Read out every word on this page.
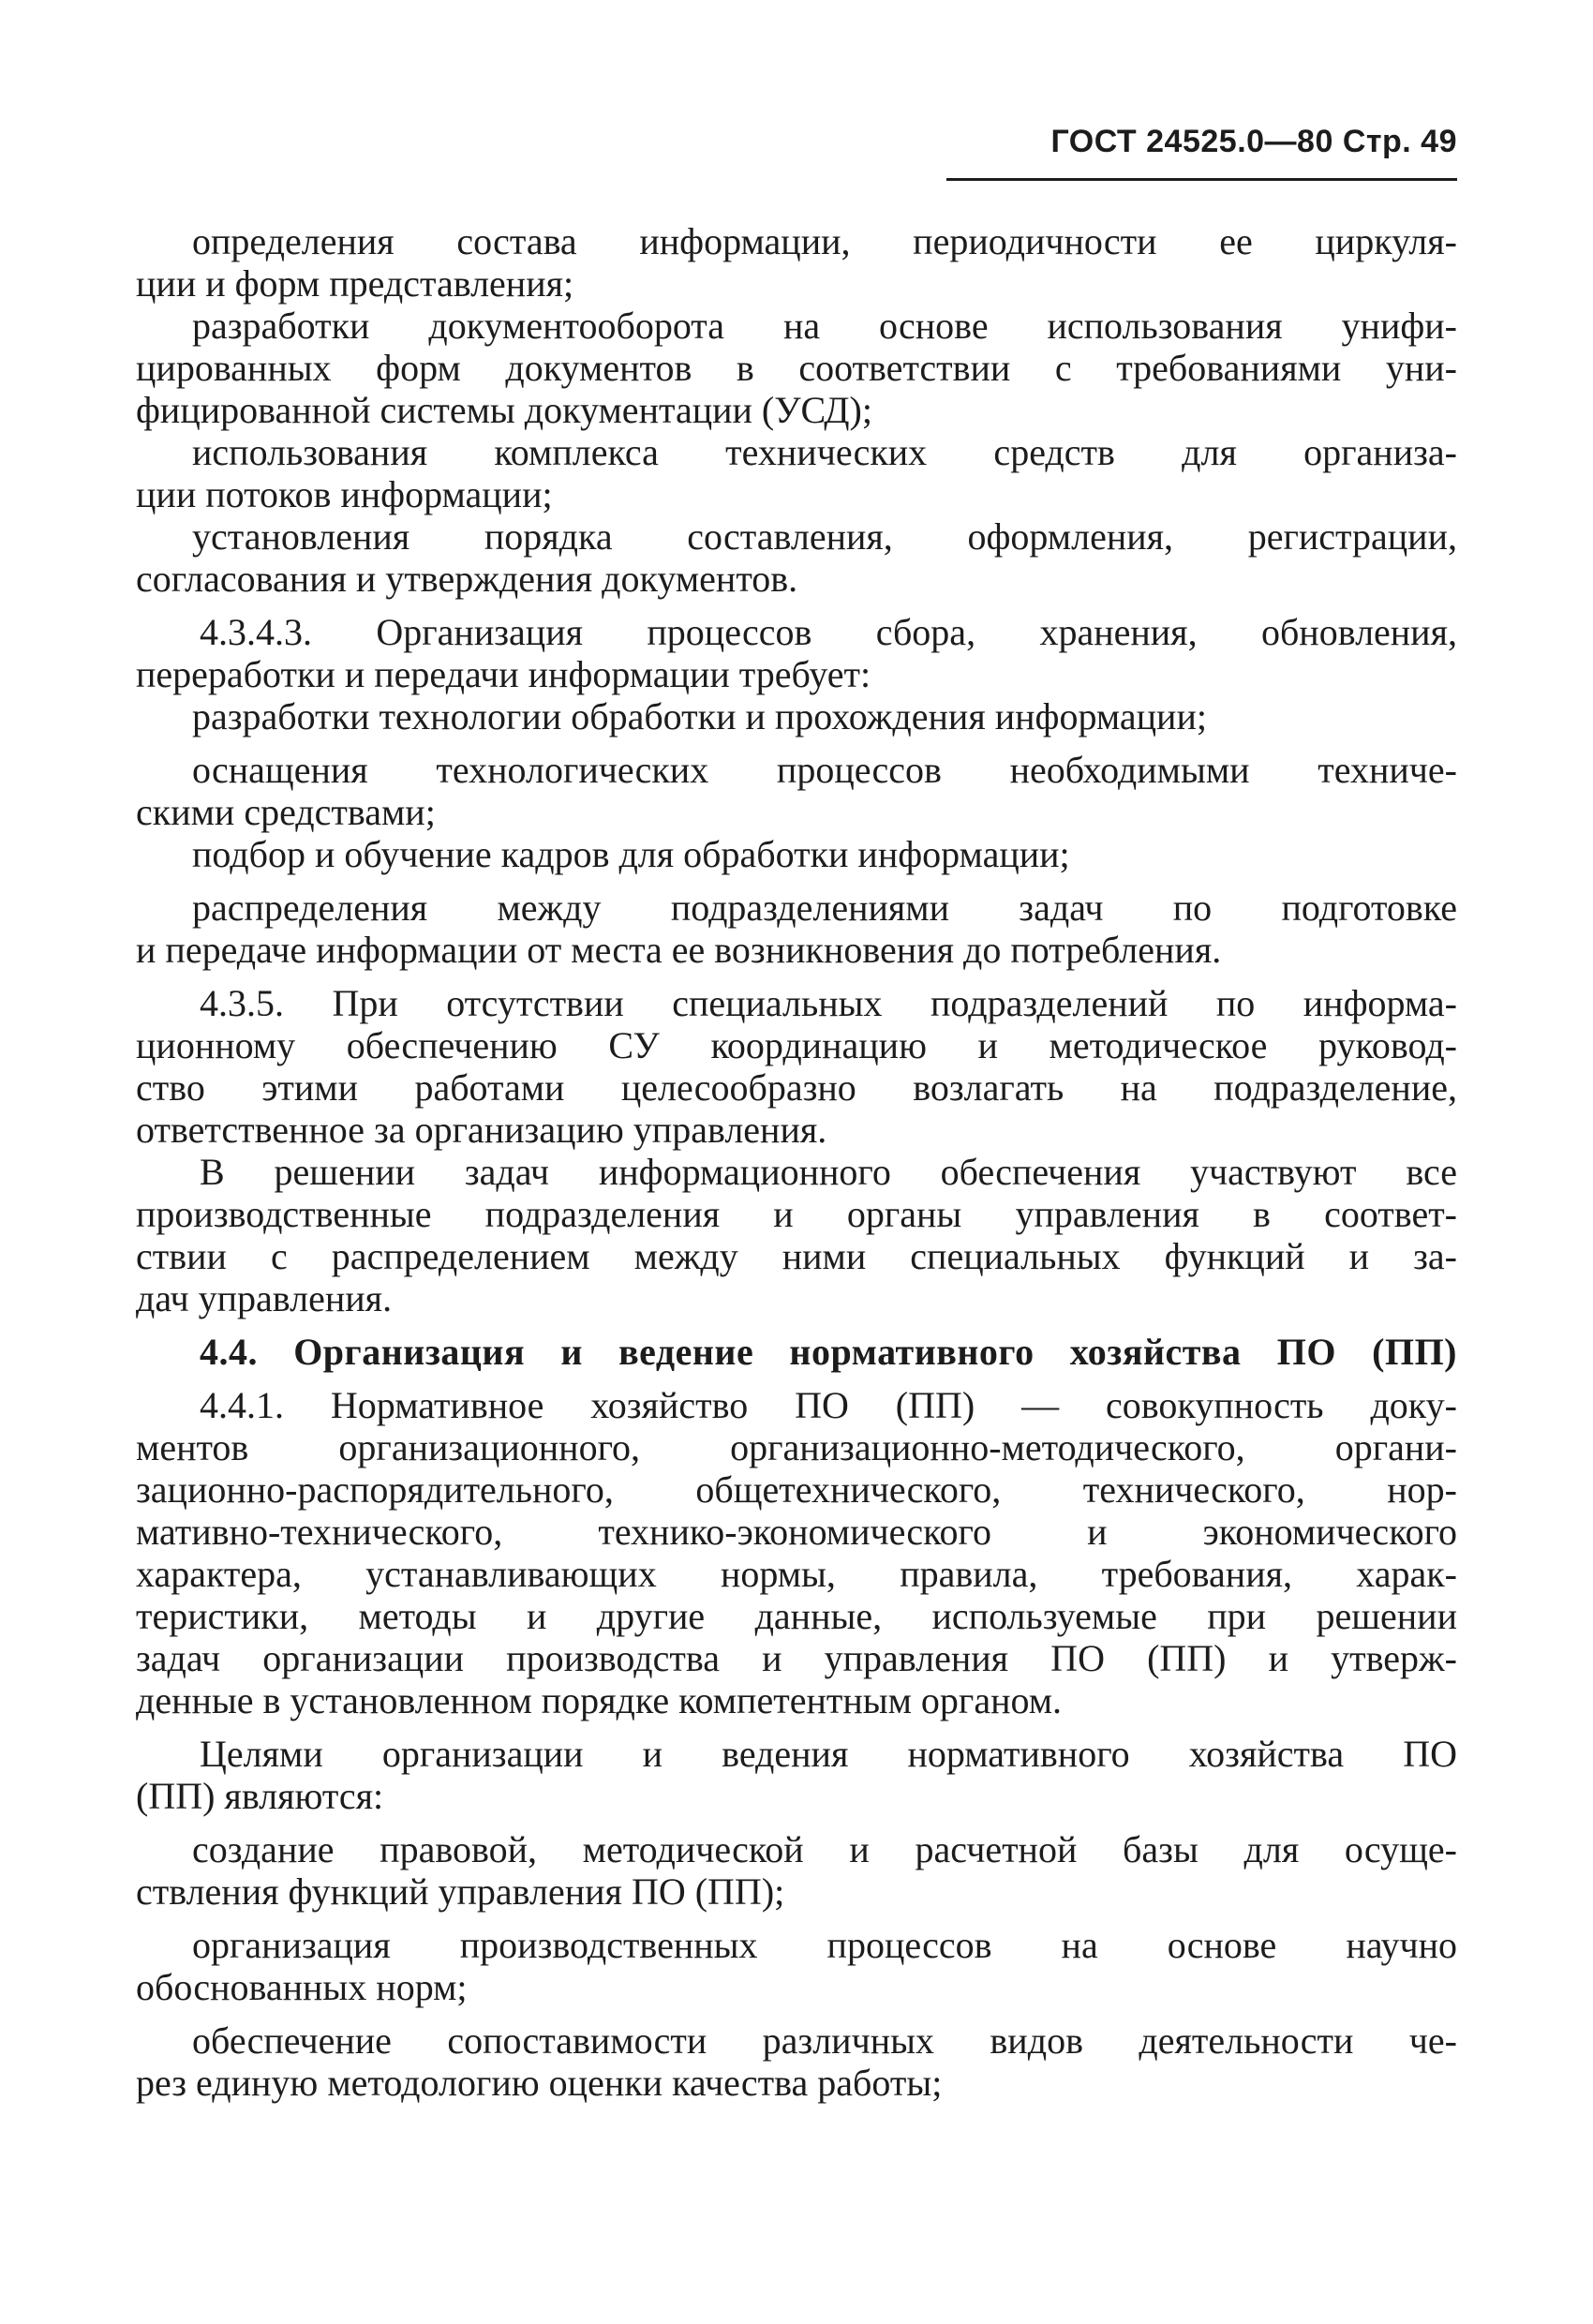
ГОСТ 24525.0—80 Стр. 49
определения состава информации, периодичности ее циркуля-
ции и форм представления;
разработки документооборота на основе использования унифи-
цированных форм документов в соответствии с требованиями уни-
фицированной системы документации (УСД);
использования комплекса технических средств для организа-
ции потоков информации;
установления порядка составления, оформления, регистрации,
согласования и утверждения документов.
4.3.4.3. Организация процессов сбора, хранения, обновления,
переработки и передачи информации требует:
разработки технологии обработки и прохождения информации;
оснащения технологических процессов необходимыми техниче-
скими средствами;
подбор и обучение кадров для обработки информации;
распределения между подразделениями задач по подготовке
и передаче информации от места ее возникновения до потребления.
4.3.5. При отсутствии специальных подразделений по информа-
ционному обеспечению СУ координацию и методическое руковод-
ство этими работами целесообразно возлагать на подразделение,
ответственное за организацию управления.
В решении задач информационного обеспечения участвуют все
производственные подразделения и органы управления в соответ-
ствии с распределением между ними специальных функций и за-
дач управления.
4.4. Организация и ведение нормативного хозяйства ПО (ПП)
4.4.1. Нормативное хозяйство ПО (ПП) — совокупность доку-
ментов организационного, организационно-методического, органи-
зационно-распорядительного, общетехнического, технического, нор-
мативно-технического, технико-экономического и экономического
характера, устанавливающих нормы, правила, требования, харак-
теристики, методы и другие данные, используемые при решении
задач организации производства и управления ПО (ПП) и утверж-
денные в установленном порядке компетентным органом.
Целями организации и ведения нормативного хозяйства ПО
(ПП) являются:
создание правовой, методической и расчетной базы для осуще-
ствления функций управления ПО (ПП);
организация производственных процессов на основе научно
обоснованных норм;
обеспечение сопоставимости различных видов деятельности че-
рез единую методологию оценки качества работы;
